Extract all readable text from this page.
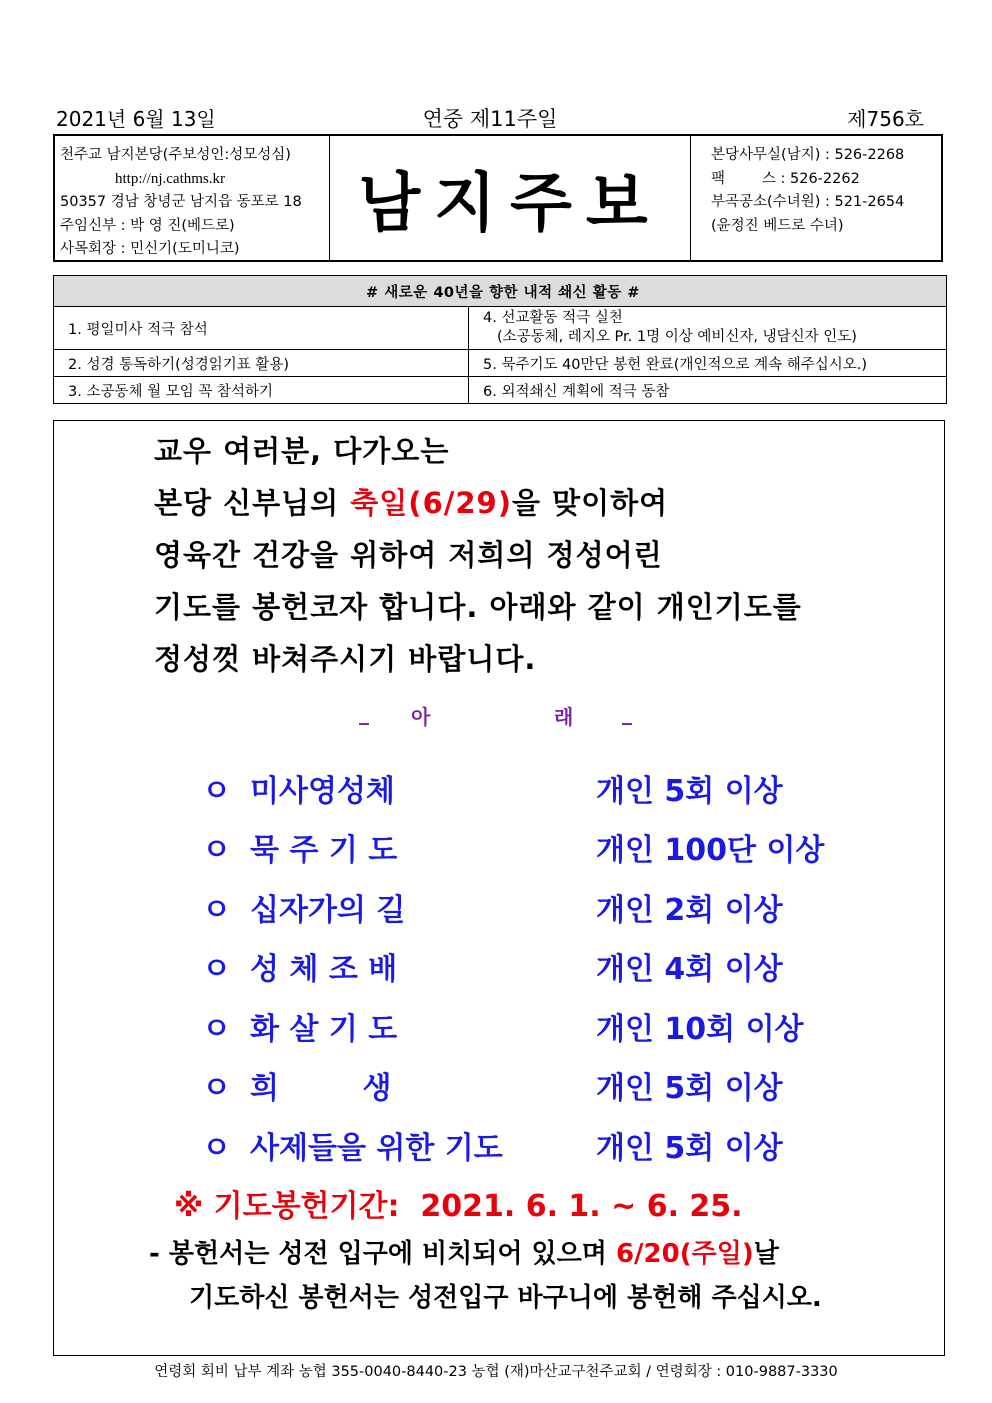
2021년 6월 13일	연중 제11주일	제756호
천주교 남지본당(주보성인:성모성심)
http://nj.cathms.kr
50357 경남 창녕군 남지읍 동포로 18
주임신부 : 박 영 진(베드로)
사목회장 : 민신기(도미니코)
남지주보
본당사무실(남지) : 526-2268
팩        스 : 526-2262
부곡공소(수녀원) : 521-2654
(윤정진 베드로 수녀)
# 새로운 40년을 향한 내적 쇄신 활동 #	
1. 평일미사 적극 참석	4. 선교활동 적극 실천
(소공동체, 레지오 Pr. 1명 이상 예비신자, 냉담신자 인도)

2. 성경 통독하기(성경읽기표 활용)	5. 묵주기도 40만단 봉헌 완료(개인적으로 계속 해주십시오.)
3. 소공동체 월 모임 꼭 참석하기	6. 외적쇄신 계획에 적극 동참
교우 여러분, 다가오는
본당 신부님의 축일(6/29)을 맞이하여
영육간 건강을 위하여 저희의 정성어린
기도를 봉헌코자 합니다. 아래와 같이 개인기도를
정성껏 바쳐주시기 바랍니다.
_ 아	래 _
ㅇ 미사영성체	개인 5회 이상
ㅇ 묵 주 기 도	개인 100단 이상
ㅇ 십자가의 길	개인 2회 이상
ㅇ 성 체 조 배	개인 4회 이상
ㅇ 화 살 기 도	개인 10회 이상
ㅇ 희        생	개인 5회 이상
ㅇ 사제들을 위한 기도	개인 5회 이상
※ 기도봉헌기간:  2021. 6. 1. ~ 6. 25.
- 봉헌서는 성전 입구에 비치되어 있으며 6/20(주일)날
기도하신 봉헌서는 성전입구 바구니에 봉헌해 주십시오.
연령회 회비 납부 계좌 농협 355-0040-8440-23 농협 (재)마산교구천주교회 / 연령회장 : 010-9887-3330
